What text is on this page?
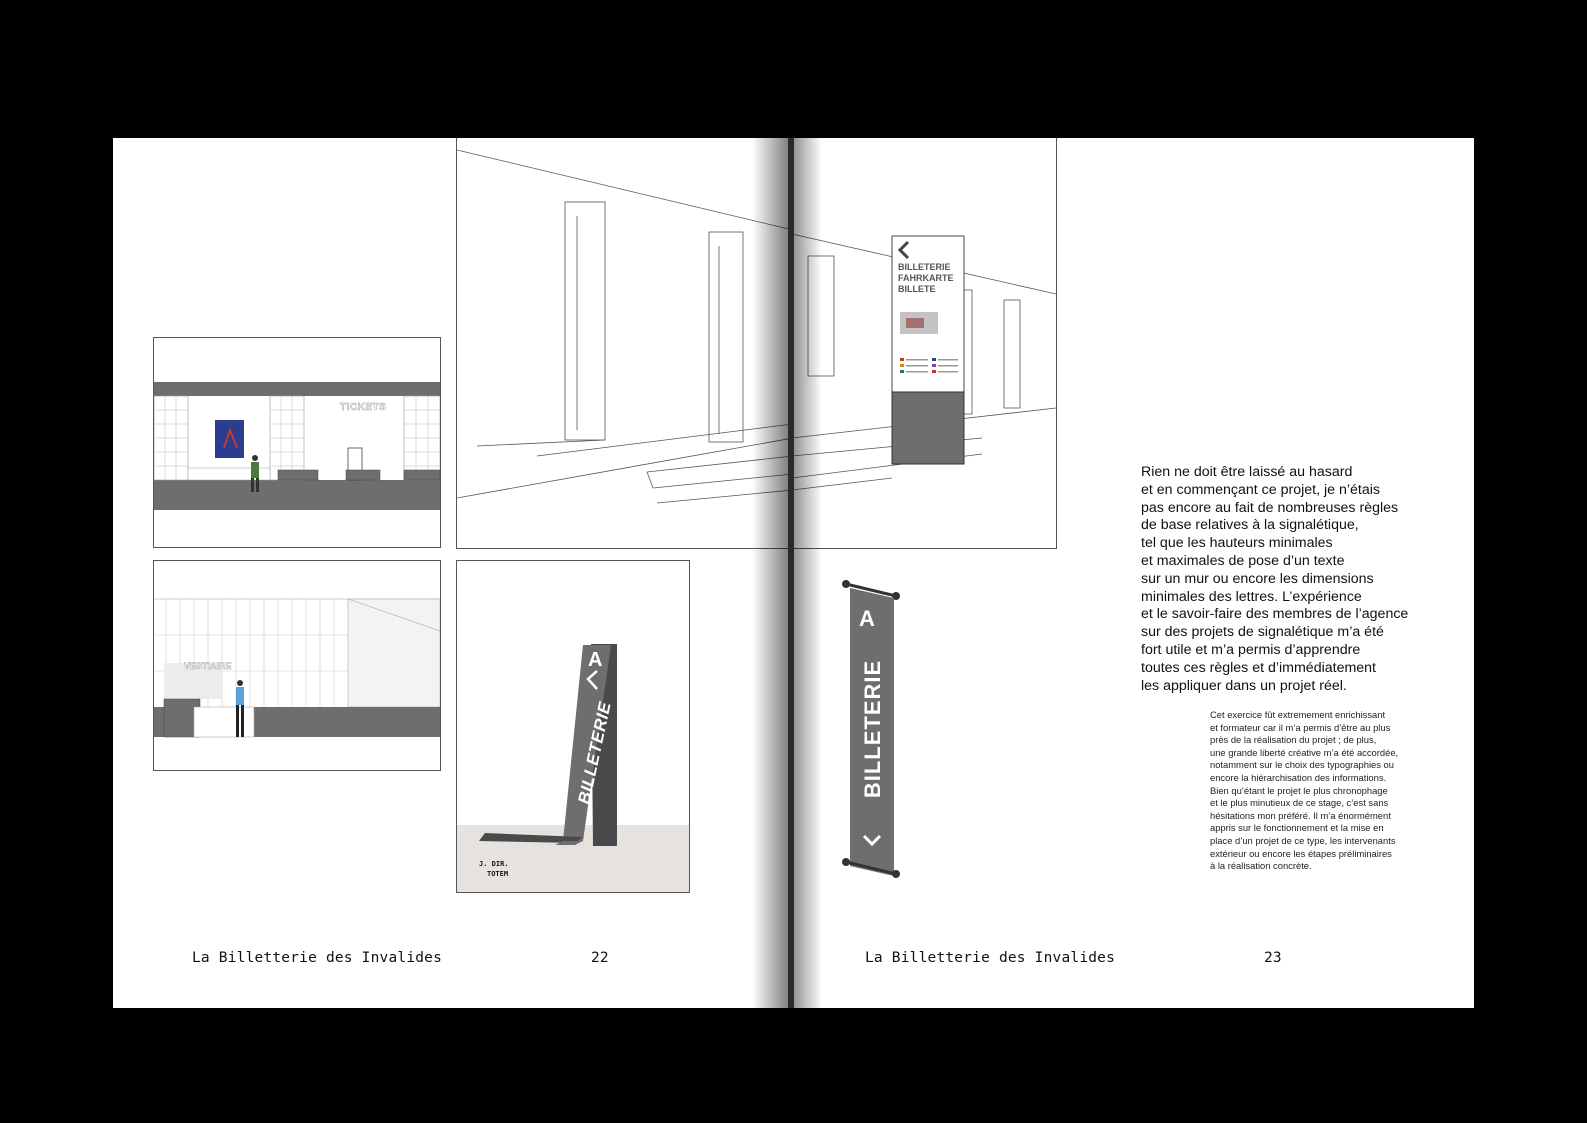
TICKETS
VESTIAIRE	A
BILLETERIE
J. DIR.
TOTEM
La Billetterie des Invalides	22
BILLETERIE
FAHRKARTE
BILLETE
A
BILLETERIE
Rien ne doit être laissé au hasard
et en commençant ce projet, je n’étais
pas encore au fait de nombreuses règles
de base relatives à la signalétique,
tel que les hauteurs minimales
et maximales de pose d’un texte
sur un mur ou encore les dimensions
minimales des lettres. L’expérience
et le savoir-faire des membres de l’agence
sur des projets de signalétique m’a été
fort utile et m’a permis d’apprendre
toutes ces règles et d’immédiatement
les appliquer dans un projet réel.
Cet exercice fût extremement enrichissant
et formateur car il m’a permis d’être au plus
près de la réalisation du projet ; de plus,
une grande liberté créative m’a été accordée,
notamment sur le choix des typographies ou
encore la hiérarchisation des informations.
Bien qu’étant le projet le plus chronophage
et le plus minutieux de ce stage, c’est sans
hésitations mon préféré. Il m’a énormément
appris sur le fonctionnement et la mise en
place d’un projet de ce type, les intervenants
extérieur ou encore les étapes préliminaires
à la réalisation concrète.
La Billetterie des Invalides	23
